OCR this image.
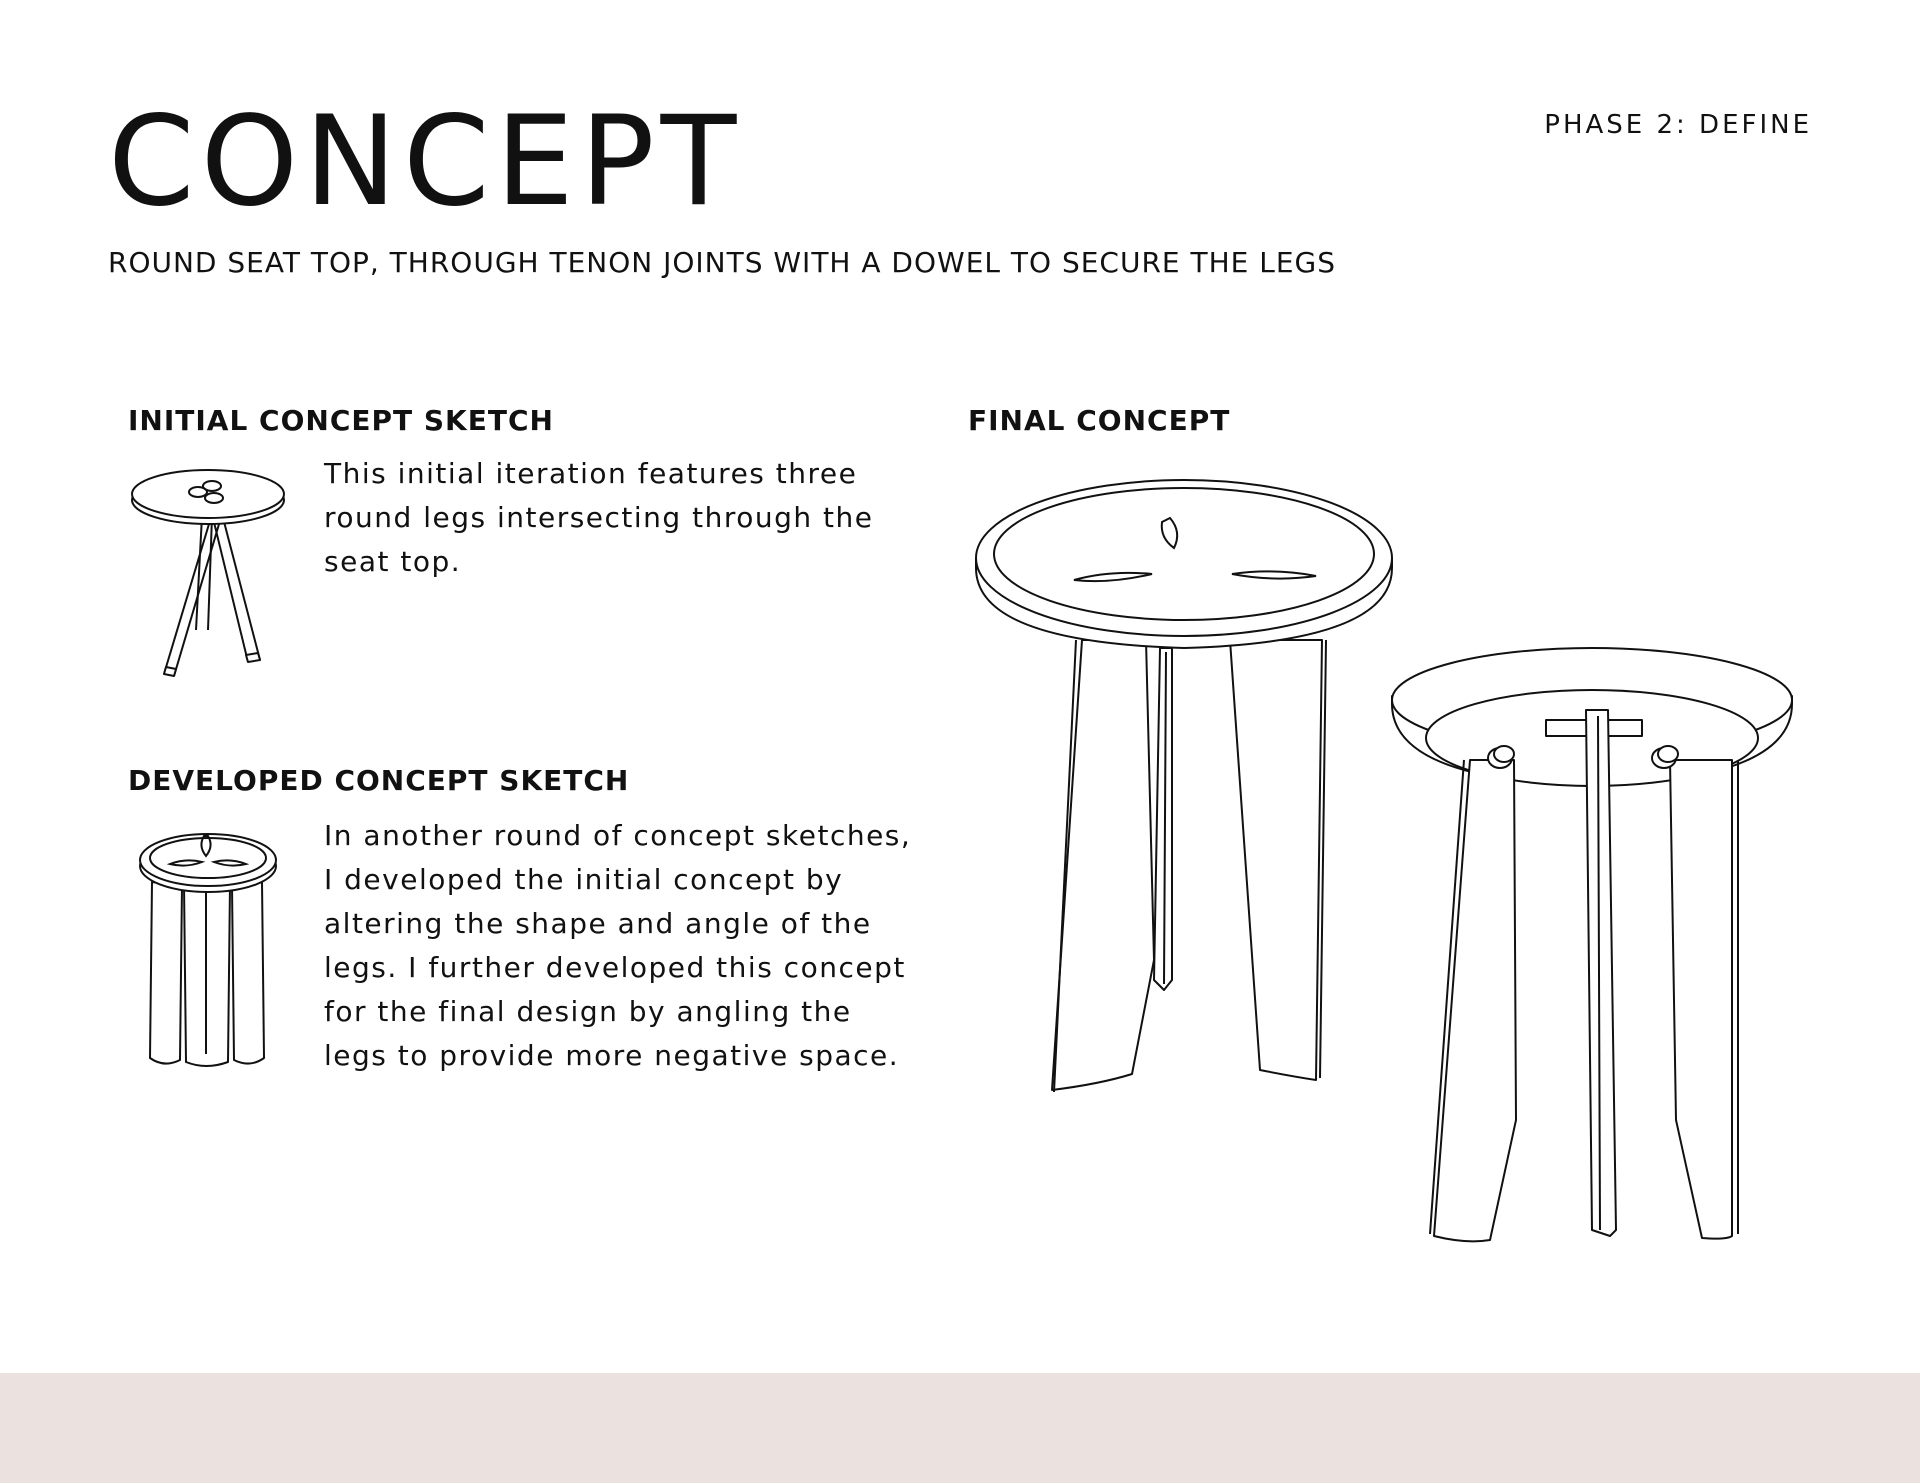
CONCEPT	PHASE 2: DEFINE
ROUND SEAT TOP, THROUGH TENON JOINTS WITH A DOWEL TO SECURE THE LEGS
INITIAL CONCEPT SKETCH
This initial iteration features three round legs intersecting through the seat top.
DEVELOPED CONCEPT SKETCH
In another round of concept sketches, I developed the initial concept by altering the shape and angle of the legs. I further developed this concept for the final design by angling the legs to provide more negative space.
FINAL CONCEPT
